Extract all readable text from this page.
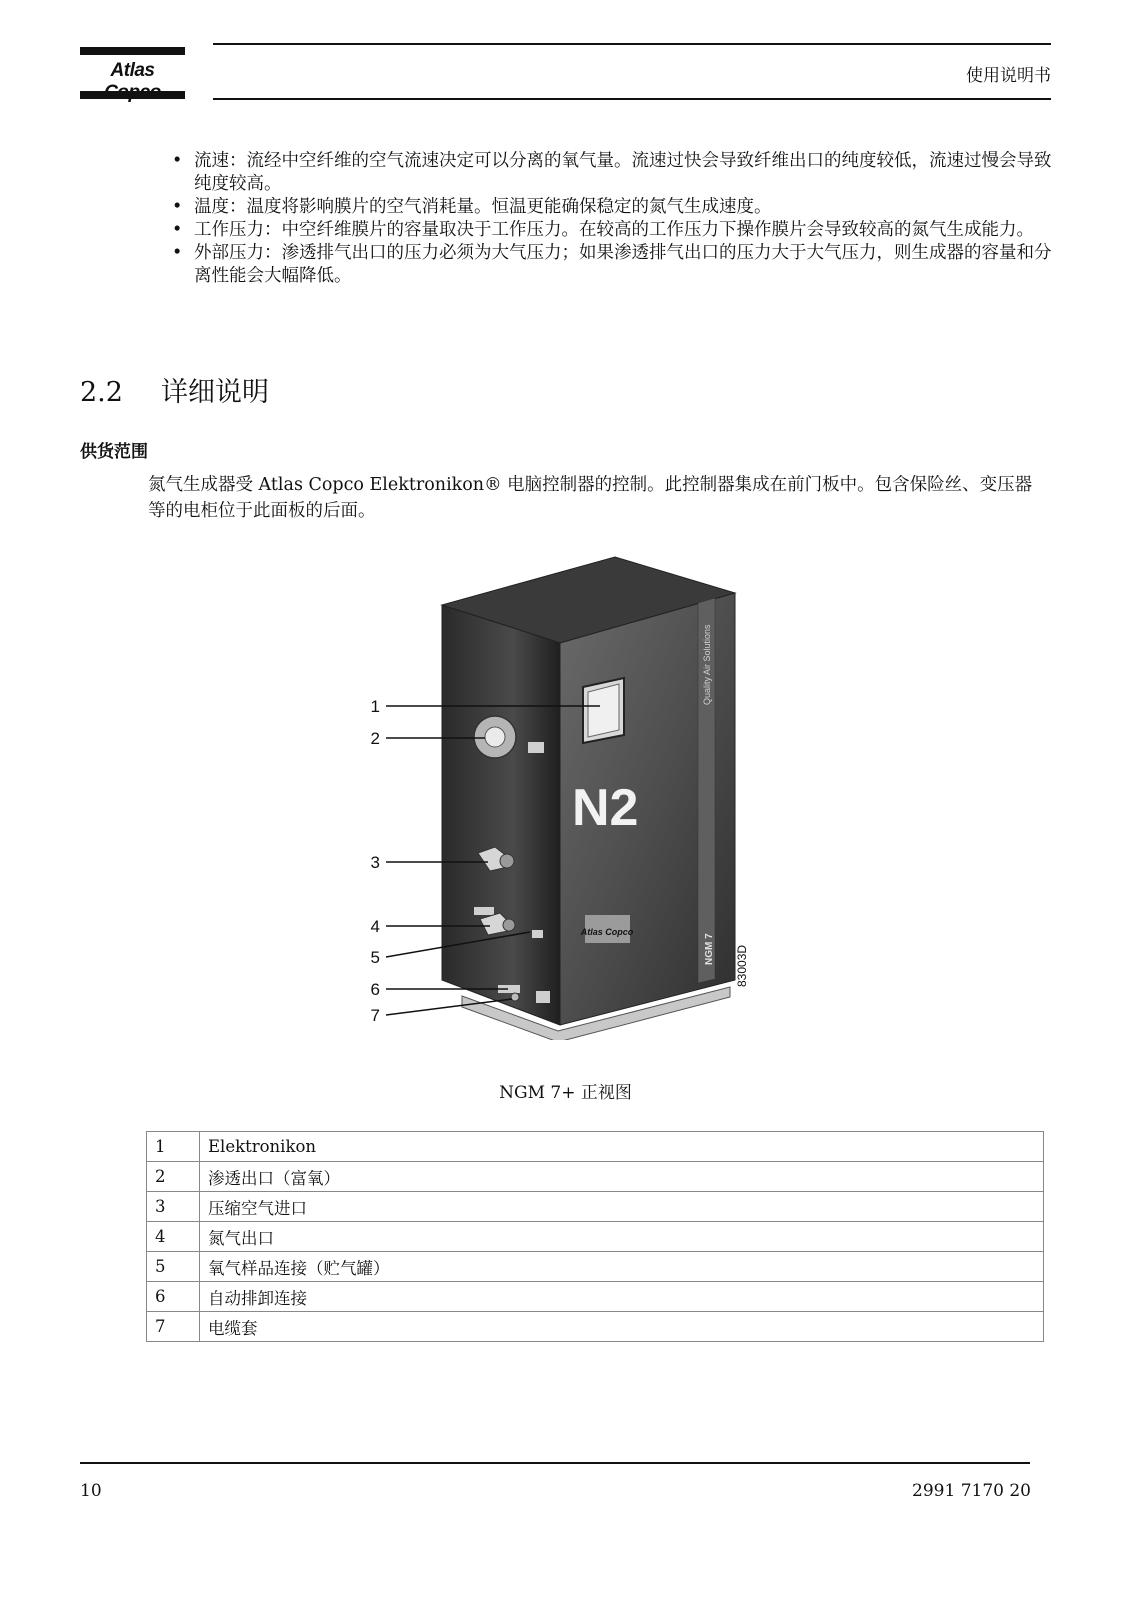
Atlas	使用说明书
• 流速：流经中空纤维的空气流速决定可以分离的氧气量。流速过快会导致纤维出口的纯度较低，流速过慢会导致纯度较高。
• 温度：温度将影响膜片的空气消耗量。恒温更能确保稳定的氮气生成速度。
• 工作压力：中空纤维膜片的容量取决于工作压力。在较高的工作压力下操作膜片会导致较高的氮气生成能力。
• 外部压力：渗透排气出口的压力必须为大气压力；如果渗透排气出口的压力大于大气压力，则生成器的容量和分离性能会大幅降低。
2.2 详细说明
供货范围

氮气生成器受 Atlas Copco Elektronikon® 电脑控制器的控制。此控制器集成在前门板中。包含保险丝、变压器等的电柜位于此面板的后面。

Quality Air Solutions
N2
Atlas Copco
NGM 7 83003D
1
2
3
4
5
6
7
NGM 7+ 正视图
1	Elektronikon
2	渗透出口（富氧）
3	压缩空气进口
4	氮气出口
5	氧气样品连接（贮气罐）
6	自动排卸连接
7	电缆套
10	2991 7170 20
